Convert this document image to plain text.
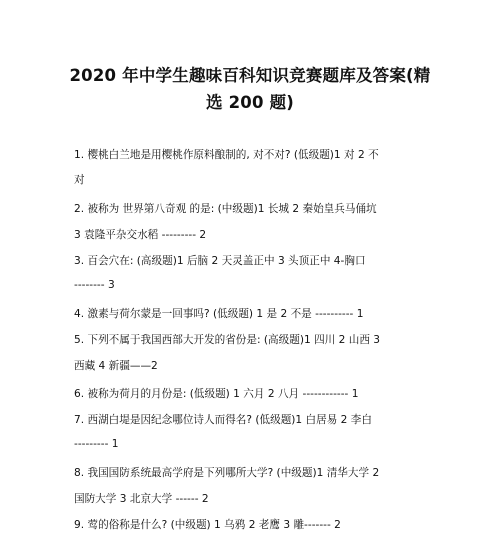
2020 年中学生趣味百科知识竞赛题库及答案(精
选 200 题)
1. 樱桃白兰地是用樱桃作原料酿制的, 对不对? (低级题)1 对 2 不
对
2. 被称为 世界第八奇观 的是: (中级题)1 长城 2 秦始皇兵马俑坑
3 袁隆平杂交水稻 --------- 2
3. 百会穴在: (高级题)1 后脑 2 天灵盖正中 3 头顶正中 4-胸口
-------- 3
4. 激素与荷尔蒙是一回事吗? (低级题) 1 是 2 不是 ---------- 1
5. 下列不属于我国西部大开发的省份是: (高级题)1 四川 2 山西 3
西藏 4 新疆——2
6. 被称为荷月的月份是: (低级题) 1 六月 2 八月 ------------ 1
7. 西湖白堤是因纪念哪位诗人而得名? (低级题)1 白居易 2 李白
--------- 1
8. 我国国防系统最高学府是下列哪所大学? (中级题)1 清华大学 2
国防大学 3 北京大学 ------ 2
9. 莺的俗称是什么? (中级题) 1 乌鸦 2 老鹰 3 雕------- 2
